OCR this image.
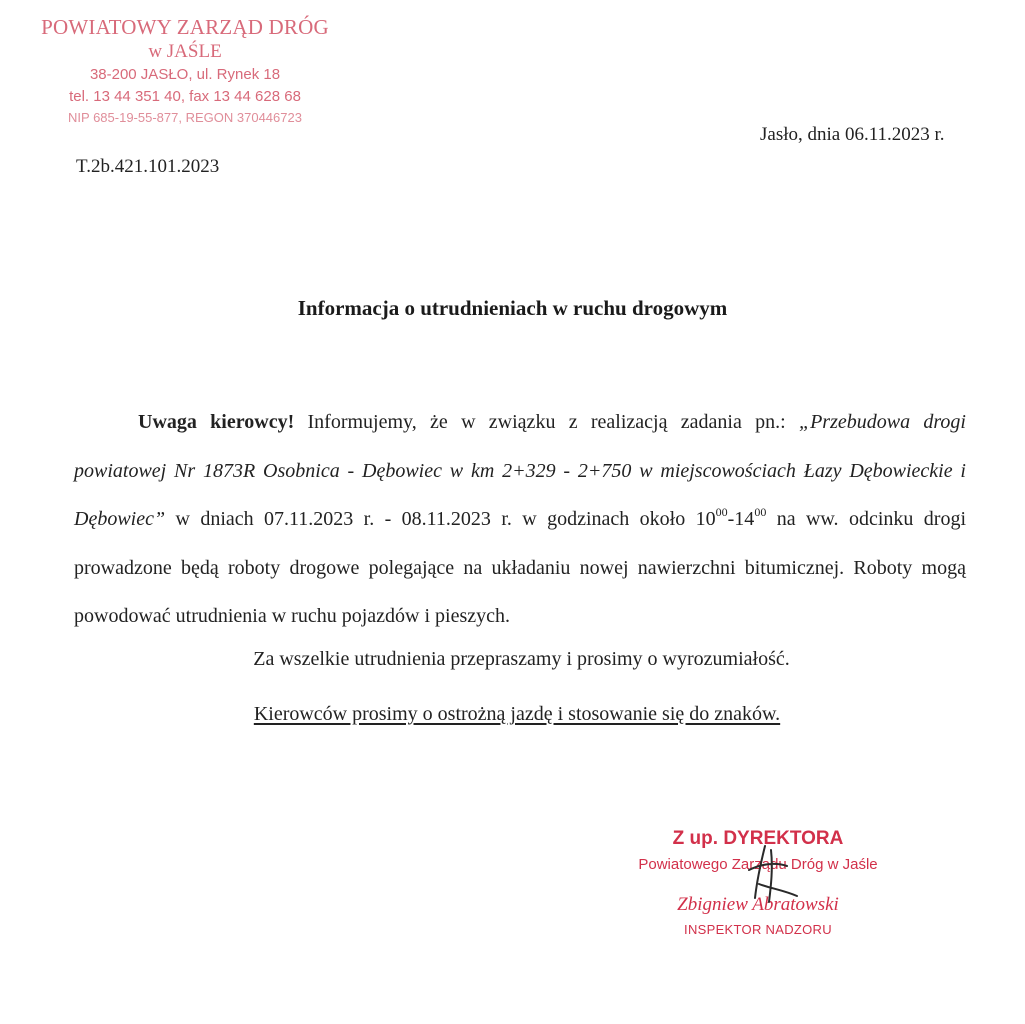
POWIATOWY ZARZĄD DRÓG
w JAŚLE
38-200 JASŁO, ul. Rynek 18
tel. 13 44 351 40, fax 13 44 628 68
NIP 685-19-55-877, REGON 370446723
T.2b.421.101.2023
Jasło, dnia 06.11.2023 r.
Informacja o utrudnieniach w ruchu drogowym
Uwaga kierowcy! Informujemy, że w związku z realizacją zadania pn.: „Przebudowa drogi powiatowej Nr 1873R Osobnica - Dębowiec w km 2+329 - 2+750 w miejscowościach Łazy Dębowieckie i Dębowiec” w dniach 07.11.2023 r. - 08.11.2023 r. w godzinach około $10^{00}-14^{00}$ na ww. odcinku drogi prowadzone będą roboty drogowe polegające na układaniu nowej nawierzchni bitumicznej. Roboty mogą powodować utrudnienia w ruchu pojazdów i pieszych.
Za wszelkie utrudnienia przepraszamy i prosimy o wyrozumiałość.
Kierowców prosimy o ostrożną jazdę i stosowanie się do znaków.
Z up. DYREKTORA
Powiatowego Zarządu Dróg w Jaśle
Zbigniew Abratowski
INSPEKTOR NADZORU
